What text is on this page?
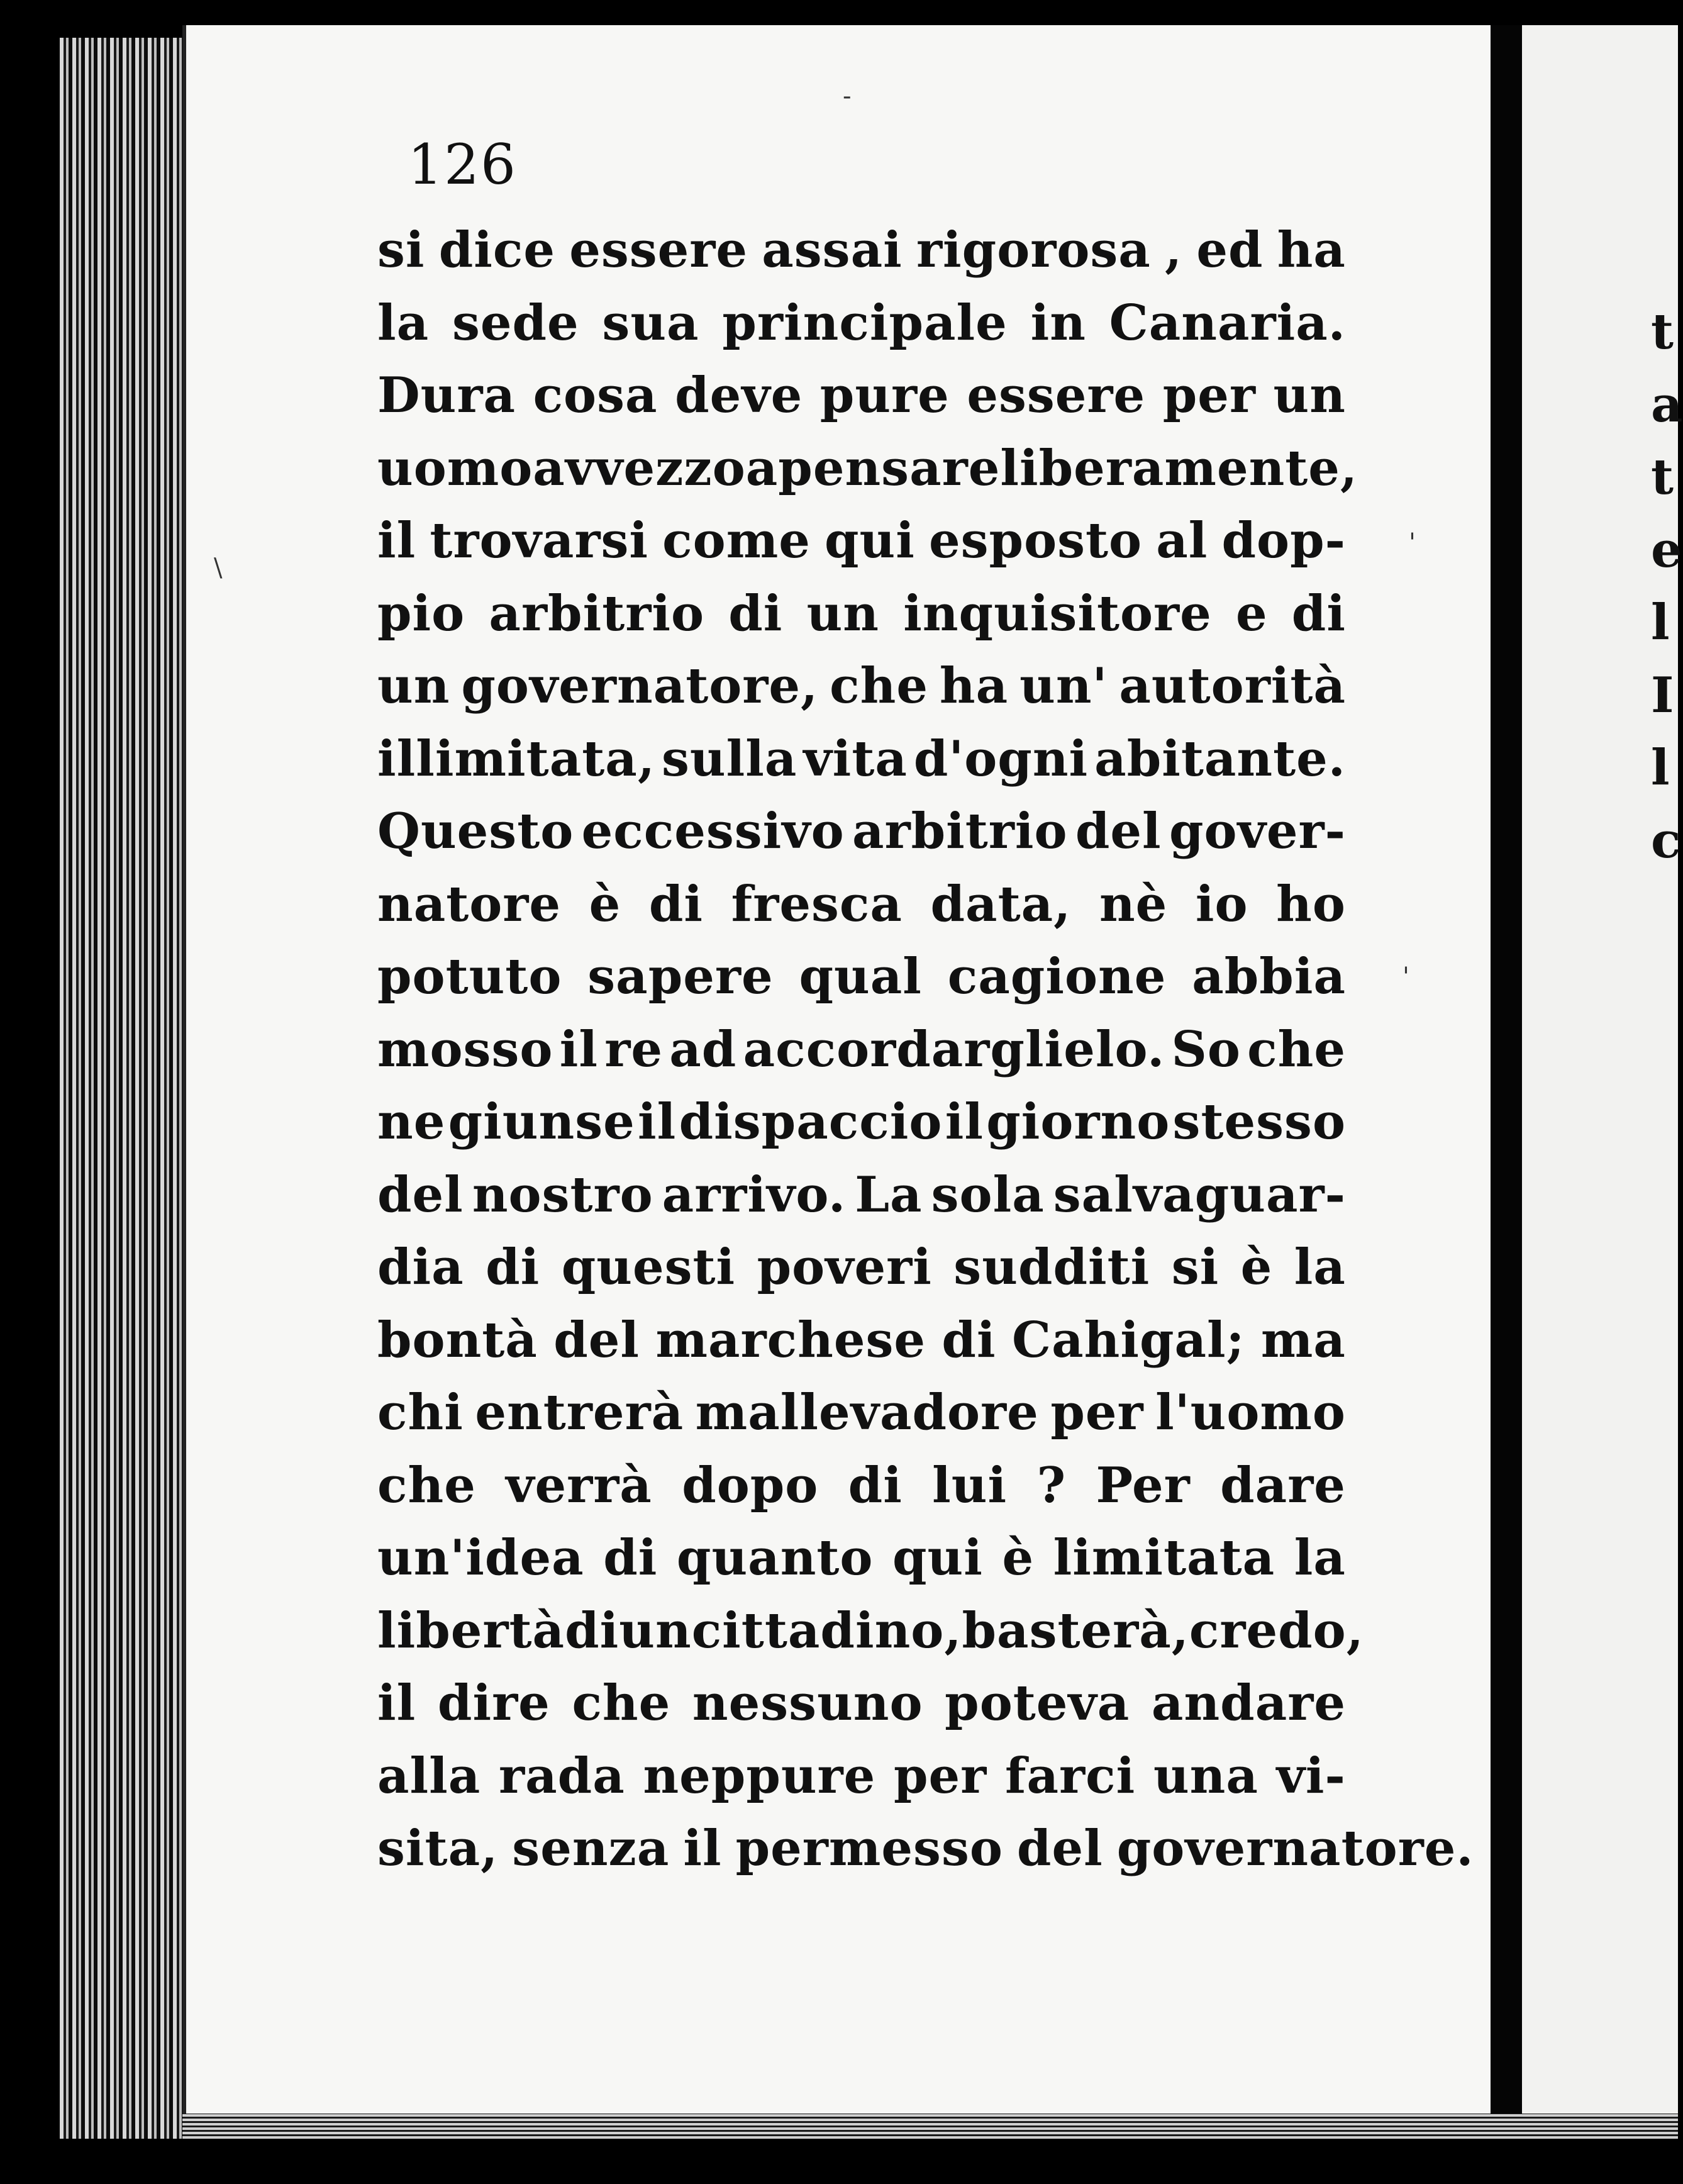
126
si dice essere assai rigorosa , ed ha
la sede sua principale in Canaria.
Dura cosa deve pure essere per un
uomo avvezzo a pensare liberamente,
il trovarsi come qui esposto al dop-
pio arbitrio di un inquisitore e di
un governatore, che ha un' autorità
illimitata, sulla vita d'ogni abitante.
Questo eccessivo arbitrio del gover-
natore è di fresca data, nè io ho
potuto sapere qual cagione abbia
mosso il re ad accordarglielo. So che
ne giunse il dispaccio il giorno stesso
del nostro arrivo. La sola salvaguar-
dia di questi poveri sudditi si è la
bontà del marchese di Cahigal; ma
chi entrerà mallevadore per l'uomo
che verrà dopo di lui ? Per dare
un'idea di quanto qui è limitata la
libertà di un cittadino, basterà, credo,
il dire che nessuno poteva andare
alla rada neppure per farci una vi-
sita, senza il permesso del governatore.
t
a
t
e
l
I
l
c
-
\
'
'
